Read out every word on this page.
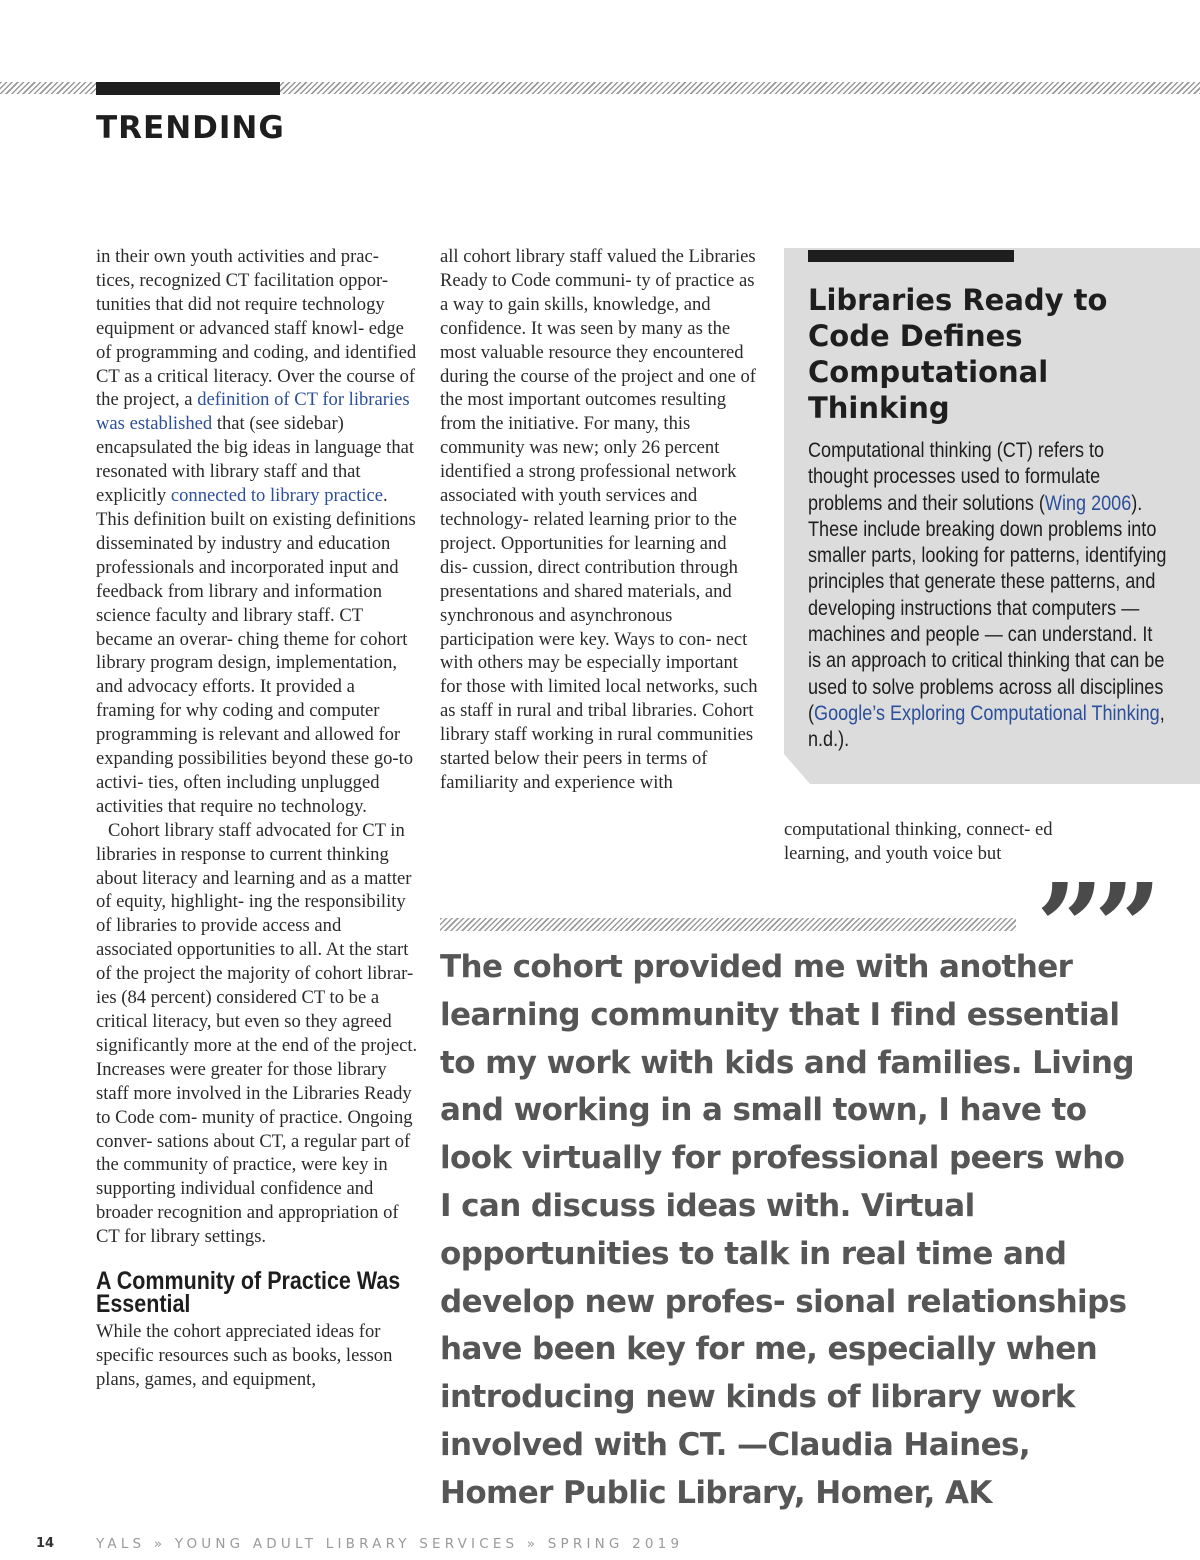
TRENDING

in their own youth activities and prac- tices, recognized CT facilitation oppor- tunities that did not require technology equipment or advanced staff knowl- edge of programming and coding, and identified CT as a critical literacy. Over the course of the project, a definition of CT for libraries was established that (see sidebar) encapsulated the big ideas in language that resonated with library staff and that explicitly connected to library practice. This definition built on existing definitions disseminated by industry and education professionals and incorporated input and feedback from library and information science faculty and library staff. CT became an overar- ching theme for cohort library program design, implementation, and advocacy efforts. It provided a framing for why coding and computer programming is relevant and allowed for expanding possibilities beyond these go-to activi- ties, often including unplugged activities that require no technology.

Cohort library staff advocated for CT in libraries in response to current thinking about literacy and learning and as a matter of equity, highlight- ing the responsibility of libraries to provide access and associated opportunities to all. At the start of the project the majority of cohort librar- ies (84 percent) considered CT to be a critical literacy, but even so they agreed significantly more at the end of the project. Increases were greater for those library staff more involved in the Libraries Ready to Code com- munity of practice. Ongoing conver- sations about CT, a regular part of the community of practice, were key in supporting individual confidence and broader recognition and appropriation of CT for library settings.

A Community of Practice Was Essential

While the cohort appreciated ideas for specific resources such as books, lesson plans, games, and equipment,

all cohort library staff valued the Libraries Ready to Code communi- ty of practice as a way to gain skills, knowledge, and confidence. It was seen by many as the most valuable resource they encountered during the course of the project and one of the most important outcomes resulting from the initiative. For many, this community was new; only 26 percent identified a strong professional network associated with youth services and technology- related learning prior to the project. Opportunities for learning and dis- cussion, direct contribution through presentations and shared materials, and synchronous and asynchronous participation were key. Ways to con- nect with others may be especially important for those with limited local networks, such as staff in rural and tribal libraries. Cohort library staff working in rural communities started below their peers in terms of familiarity and experience with

Libraries Ready to Code Defines Computational Thinking

Computational thinking (CT) refers to thought processes used to formulate problems and their solutions (Wing 2006). These include breaking down problems into smaller parts, looking for patterns, identifying principles that generate these patterns, and developing instructions that computers — machines and people — can understand. It is an approach to critical thinking that can be used to solve problems across all disciplines (Google’s Exploring Computational Thinking, n.d.).

computational thinking, connect- ed learning, and youth voice but

””

The cohort provided me with another learning community that I find essential to my work with kids and families. Living and working in a small town, I have to look virtually for professional peers who I can discuss ideas with. Virtual opportunities to talk in real time and develop new profes- sional relationships have been key for me, especially when introducing new kinds of library work involved with CT. —Claudia Haines, Homer Public Library, Homer, AK

14	YALS » YOUNG ADULT LIBRARY SERVICES » SPRING 2019
